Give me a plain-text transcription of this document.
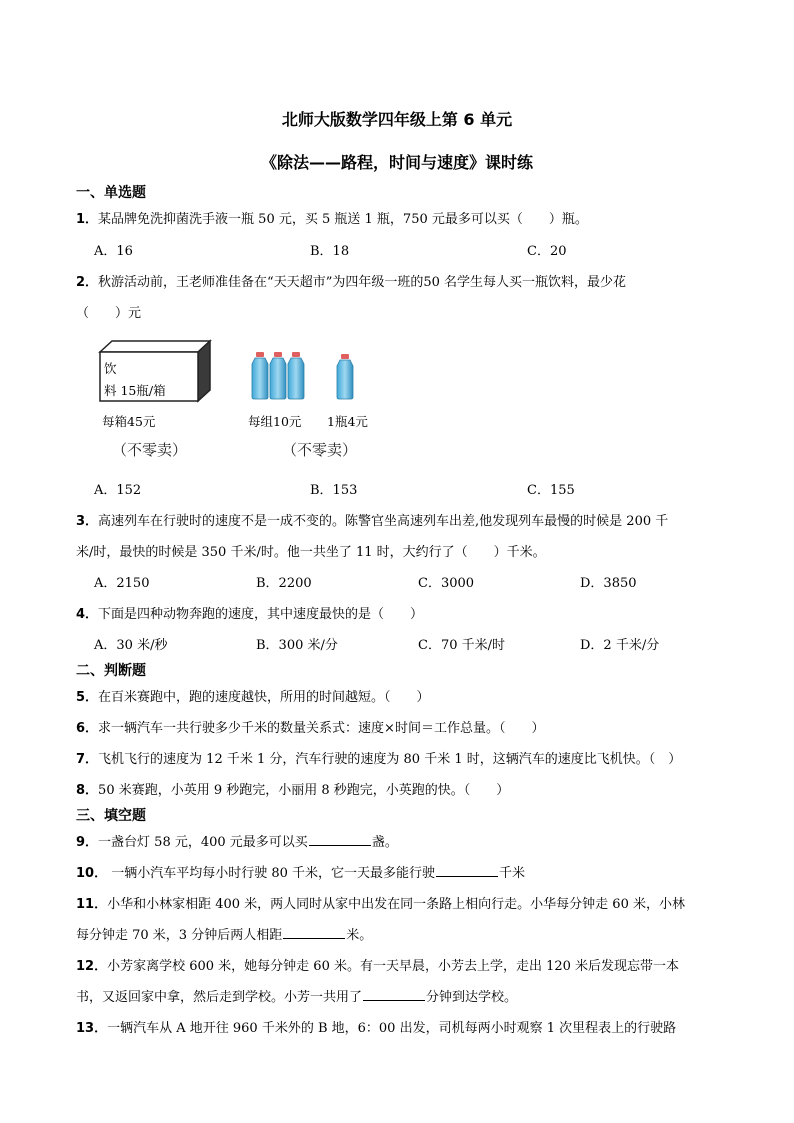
北师大版数学四年级上第 6 单元
《除法——路程，时间与速度》课时练
一、单选题
1．某品牌免洗抑菌洗手液一瓶 50 元，买 5 瓶送 1 瓶，750 元最多可以买（　　）瓶。
A．16	B．18	C．20
2．秋游活动前，王老师准佳备在“天天超市”为四年级一班的50 名学生每人买一瓶饮料，最少花
（　　）元
饮
料 15瓶/箱
每箱45元
（不零卖）
每组10元 1瓶4元
（不零卖）
A．152	B．153	C．155
3．高速列车在行驶时的速度不是一成不变的。陈警官坐高速列车出差,他发现列车最慢的时候是 200 千
米/时，最快的时候是 350 千米/时。他一共坐了 11 时，大约行了（　　）千米。
A．2150	B．2200	C．3000	D．3850
4．下面是四种动物奔跑的速度，其中速度最快的是（　　）
A．30 米/秒	B．300 米/分	C．70 千米/时	D．2 千米/分
二、判断题
5．在百米赛跑中，跑的速度越快，所用的时间越短。（　　）
6．求一辆汽车一共行驶多少千米的数量关系式：速度×时间＝工作总量。（　　）
7．飞机飞行的速度为 12 千米 1 分，汽车行驶的速度为 80 千米 1 时，这辆汽车的速度比飞机快。（　）
8．50 米赛跑，小英用 9 秒跑完，小丽用 8 秒跑完，小英跑的快。（　　）
三、填空题
9．一盏台灯 58 元，400 元最多可以买	盏。
10． 一辆小汽车平均每小时行驶 80 千米，它一天最多能行驶	千米
11．小华和小林家相距 400 米，两人同时从家中出发在同一条路上相向行走。小华每分钟走 60 米，小林
每分钟走 70 米，3 分钟后两人相距	米。
12．小芳家离学校 600 米，她每分钟走 60 米。有一天早晨，小芳去上学，走出 120 米后发现忘带一本
书，又返回家中拿，然后走到学校。小芳一共用了	分钟到达学校。
13．一辆汽车从 A 地开往 960 千米外的 B 地，6：00 出发，司机每两小时观察 1 次里程表上的行驶路
